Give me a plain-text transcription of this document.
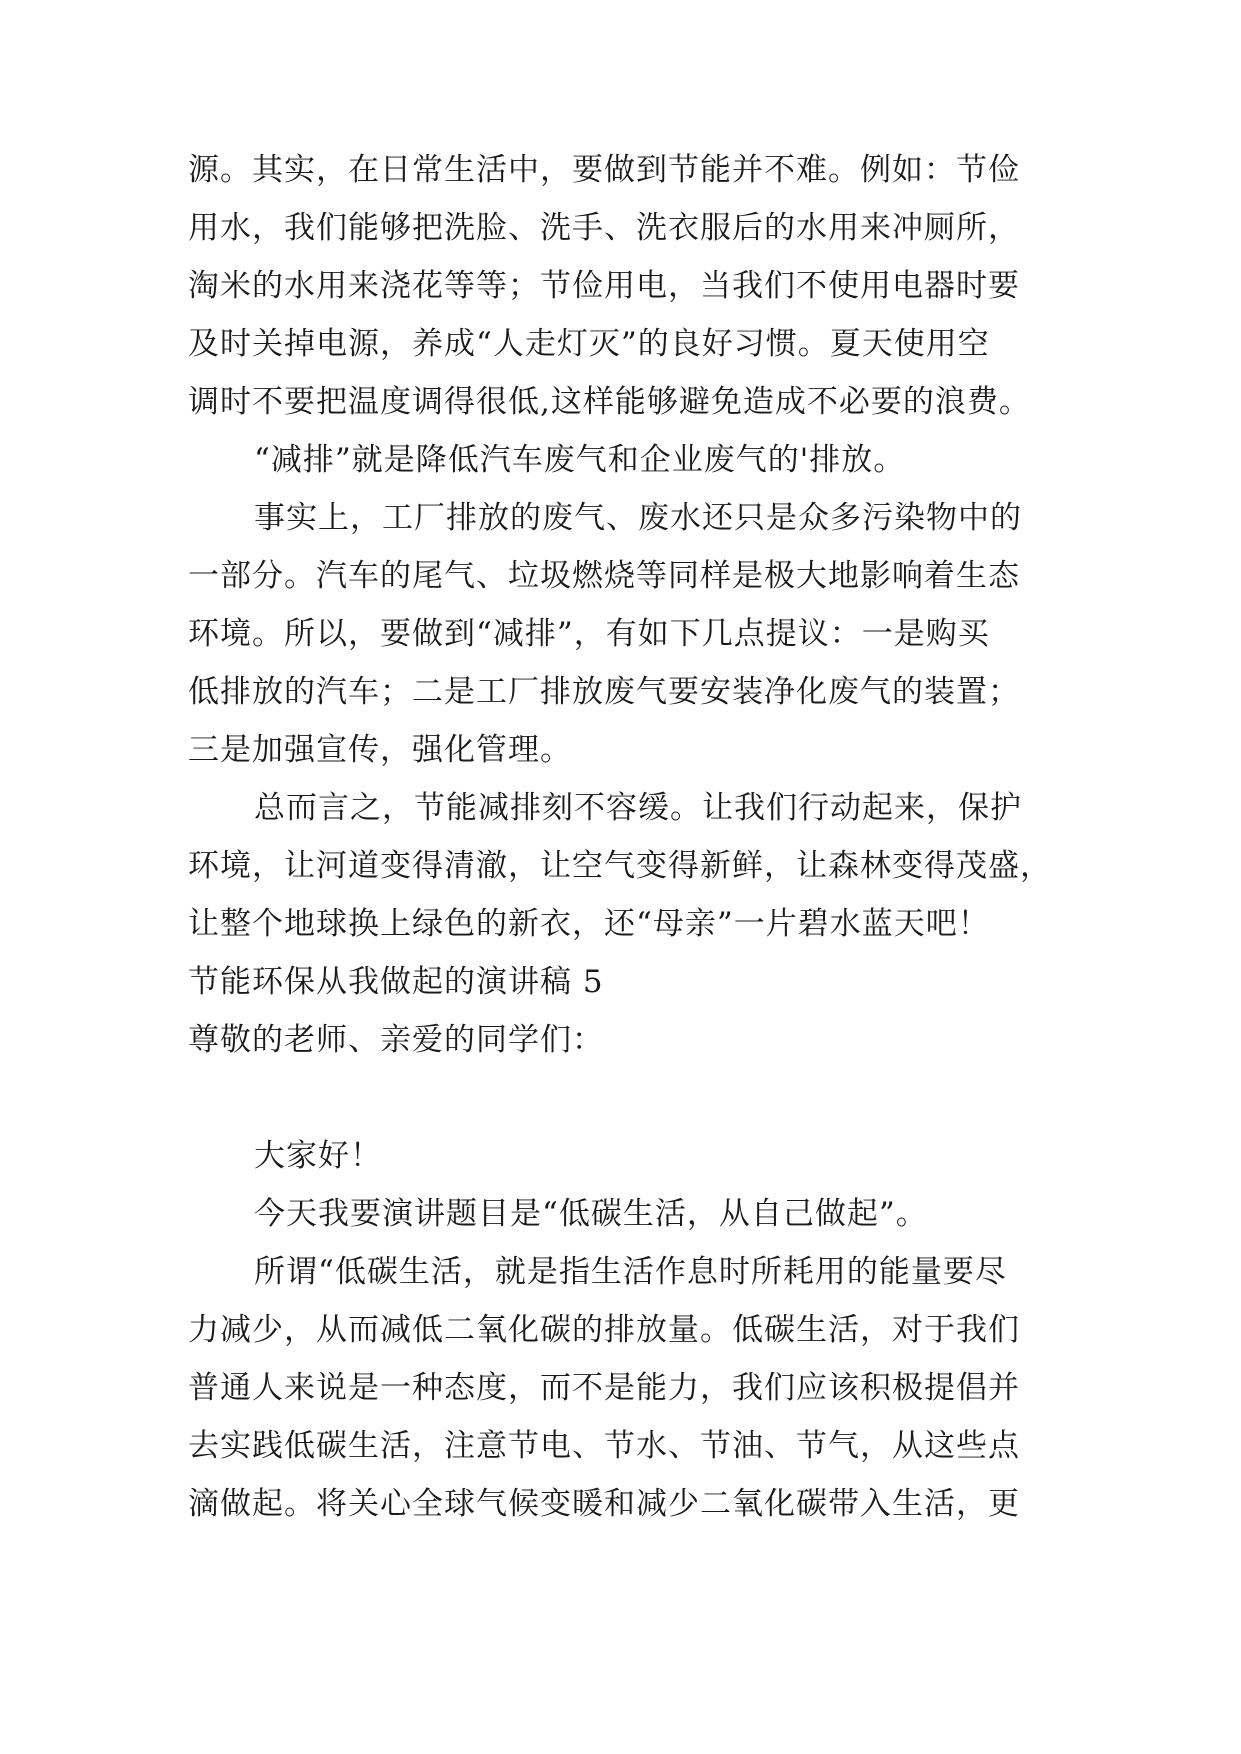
源。其实，在日常生活中，要做到节能并不难。例如：节俭
用水，我们能够把洗脸、洗手、洗衣服后的水用来冲厕所，
淘米的水用来浇花等等；节俭用电，当我们不使用电器时要
及时关掉电源，养成“人走灯灭”的良好习惯。夏天使用空
调时不要把温度调得很低,这样能够避免造成不必要的浪费。
“减排”就是降低汽车废气和企业废气的'排放。
事实上，工厂排放的废气、废水还只是众多污染物中的
一部分。汽车的尾气、垃圾燃烧等同样是极大地影响着生态
环境。所以，要做到“减排”，有如下几点提议：一是购买
低排放的汽车；二是工厂排放废气要安装净化废气的装置；
三是加强宣传，强化管理。
总而言之，节能减排刻不容缓。让我们行动起来，保护
环境，让河道变得清澈，让空气变得新鲜，让森林变得茂盛，
让整个地球换上绿色的新衣，还“母亲”一片碧水蓝天吧！
节能环保从我做起的演讲稿 5
尊敬的老师、亲爱的同学们：
大家好！
今天我要演讲题目是“低碳生活，从自己做起”。
所谓“低碳生活，就是指生活作息时所耗用的能量要尽
力减少，从而减低二氧化碳的排放量。低碳生活，对于我们
普通人来说是一种态度，而不是能力，我们应该积极提倡并
去实践低碳生活，注意节电、节水、节油、节气，从这些点
滴做起。将关心全球气候变暖和减少二氧化碳带入生活，更
